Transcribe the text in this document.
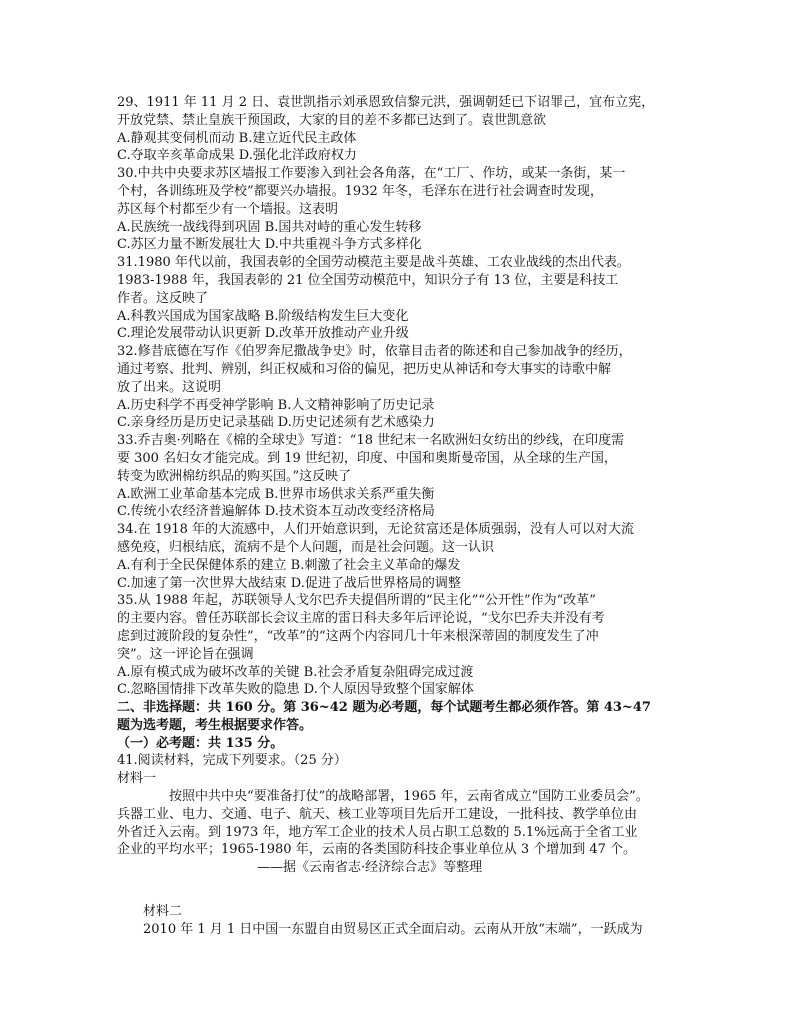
29、1911 年 11 月 2 日、袁世凯指示刘承恩致信黎元洪，强调朝廷已下诏罪己，宜布立宪，
开放党禁、禁止皇族干预国政，大家的目的差不多都已达到了。袁世凯意欲
A.静观其变伺机而动 B.建立近代民主政体
C.夺取辛亥革命成果 D.强化北洋政府权力
30.中共中央要求苏区墙报工作要渗入到社会各角落，在“工厂、作坊，或某一条街，某一
个村，各训练班及学校”都要兴办墙报。1932 年冬，毛泽东在进行社会调查时发现，
苏区每个村都至少有一个墙报。这表明
A.民族统一战线得到巩固 B.国共对峙的重心发生转移
C.苏区力量不断发展壮大 D.中共重视斗争方式多样化
31.1980 年代以前，我国表彰的全国劳动模范主要是战斗英雄、工农业战线的杰出代表。
1983-1988 年，我国表彰的 21 位全国劳动模范中，知识分子有 13 位，主要是科技工
作者。这反映了
A.科教兴国成为国家战略 B.阶级结构发生巨大变化
C.理论发展带动认识更新 D.改革开放推动产业升级
32.修昔底德在写作《伯罗奔尼撒战争史》时，依靠目击者的陈述和自己参加战争的经历，
通过考察、批判、辨别，纠正权威和习俗的偏见，把历史从神话和夸大事实的诗歌中解
放了出来。这说明
A.历史科学不再受神学影响 B.人文精神影响了历史记录
C.亲身经历是历史记录基础 D.历史记述须有艺术感染力
33.乔吉奥·列略在《棉的全球史》写道：“18 世纪末一名欧洲妇女纺出的纱线，在印度需
要 300 名妇女才能完成。到 19 世纪初，印度、中国和奥斯曼帝国，从全球的生产国，
转变为欧洲棉纺织品的购买国。”这反映了
A.欧洲工业革命基本完成 B.世界市场供求关系严重失衡
C.传统小农经济普遍解体 D.技术资本互动改变经济格局
34.在 1918 年的大流感中，人们开始意识到，无论贫富还是体质强弱，没有人可以对大流
感免疫，归根结底，流病不是个人问题，而是社会问题。这一认识
A.有利于全民保健体系的建立 B.刺激了社会主义革命的爆发
C.加速了第一次世界大战结束 D.促进了战后世界格局的调整
35.从 1988 年起，苏联领导人戈尔巴乔夫提倡所谓的“民主化”“公开性”作为“改革”
的主要内容。曾任苏联部长会议主席的雷日科夫多年后评论说，“戈尔巴乔夫并没有考
虑到过渡阶段的复杂性”，“改革”的“这两个内容同几十年来根深蒂固的制度发生了冲
突”。这一评论旨在强调
A.原有模式成为破坏改革的关键 B.社会矛盾复杂阻碍完成过渡
C.忽略国情排下改革失败的隐患 D.个人原因导致整个国家解体
二、非选择题：共 160 分。第 36~42 题为必考题，每个试题考生都必须作答。第 43~47
题为选考题，考生根据要求作答。
（一）必考题：共 135 分。
41.阅读材料，完成下列要求。（25 分）
材料一
按照中共中央“要准备打仗”的战略部署，1965 年，云南省成立“国防工业委员会”。
兵器工业、电力、交通、电子、航天、核工业等项目先后开工建设，一批科技、教学单位由
外省迁入云南。到 1973 年，地方军工企业的技术人员占职工总数的 5.1%远高于全省工业
企业的平均水平；1965-1980 年，云南的各类国防科技企事业单位从 3 个增加到 47 个。
——据《云南省志·经济综合志》等整理
材料二
2010 年 1 月 1 日中国一东盟自由贸易区正式全面启动。云南从开放“末端”，一跃成为
